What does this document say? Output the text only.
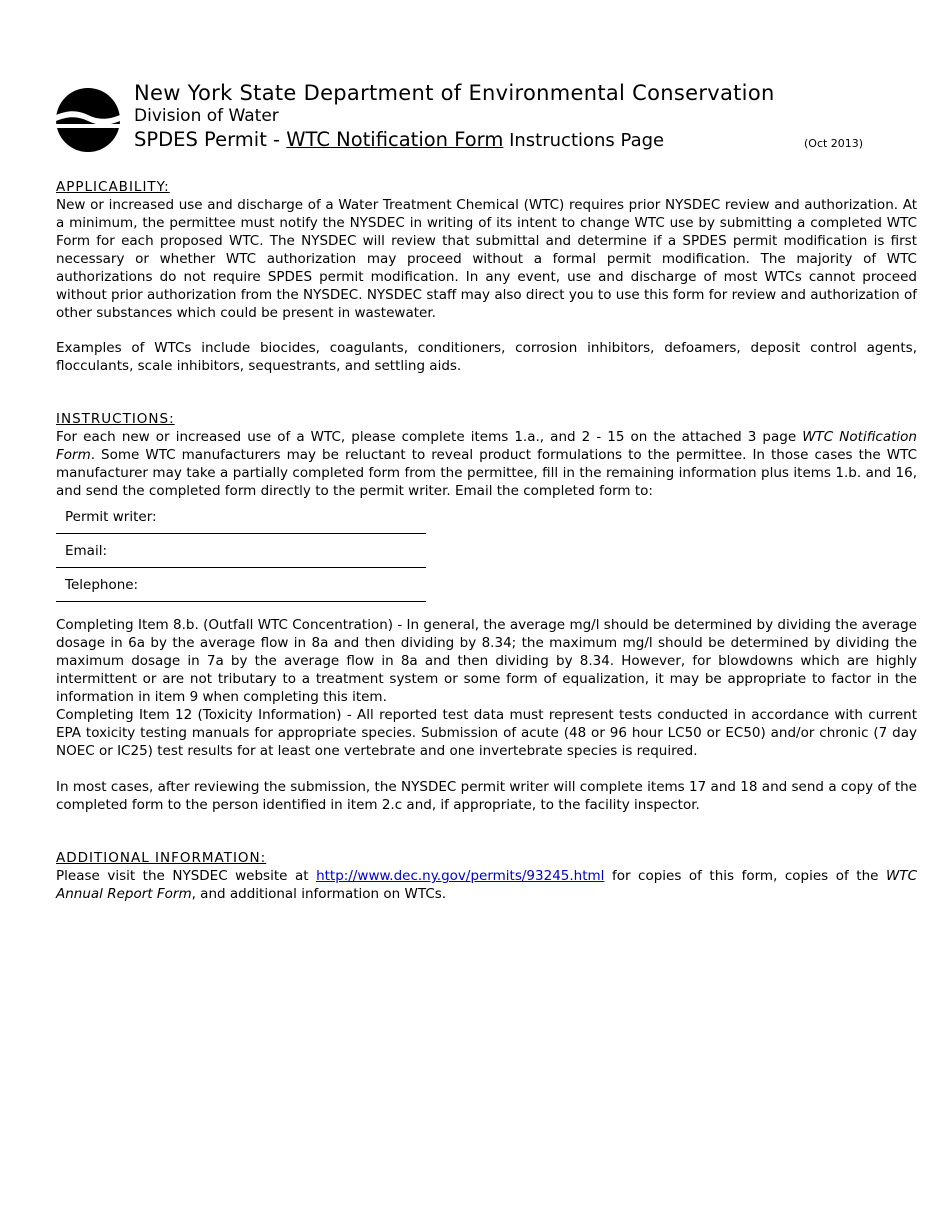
New York State Department of Environmental Conservation
Division of Water
SPDES Permit - WTC Notification Form Instructions Page	(Oct 2013)
APPLICABILITY:

New or increased use and discharge of a Water Treatment Chemical (WTC) requires prior NYSDEC review and authorization. At a minimum, the permittee must notify the NYSDEC in writing of its intent to change WTC use by submitting a completed WTC Form for each proposed WTC. The NYSDEC will review that submittal and determine if a SPDES permit modification is first necessary or whether WTC authorization may proceed without a formal permit modification. The majority of WTC authorizations do not require SPDES permit modification. In any event, use and discharge of most WTCs cannot proceed without prior authorization from the NYSDEC. NYSDEC staff may also direct you to use this form for review and authorization of other substances which could be present in wastewater.

Examples of WTCs include biocides, coagulants, conditioners, corrosion inhibitors, defoamers, deposit control agents, flocculants, scale inhibitors, sequestrants, and settling aids.

INSTRUCTIONS:

For each new or increased use of a WTC, please complete items 1.a., and 2 - 15 on the attached 3 page WTC Notification Form. Some WTC manufacturers may be reluctant to reveal product formulations to the permittee. In those cases the WTC manufacturer may take a partially completed form from the permittee, fill in the remaining information plus items 1.b. and 16, and send the completed form directly to the permit writer. Email the completed form to:

Permit writer:
Email:
Telephone:

Completing Item 8.b. (Outfall WTC Concentration) - In general, the average mg/l should be determined by dividing the average dosage in 6a by the average flow in 8a and then dividing by 8.34; the maximum mg/l should be determined by dividing the maximum dosage in 7a by the average flow in 8a and then dividing by 8.34. However, for blowdowns which are highly intermittent or are not tributary to a treatment system or some form of equalization, it may be appropriate to factor in the information in item 9 when completing this item.

Completing Item 12 (Toxicity Information) - All reported test data must represent tests conducted in accordance with current EPA toxicity testing manuals for appropriate species. Submission of acute (48 or 96 hour LC50 or EC50) and/or chronic (7 day NOEC or IC25) test results for at least one vertebrate and one invertebrate species is required.

In most cases, after reviewing the submission, the NYSDEC permit writer will complete items 17 and 18 and send a copy of the completed form to the person identified in item 2.c and, if appropriate, to the facility inspector.

ADDITIONAL INFORMATION:

Please visit the NYSDEC website at http://www.dec.ny.gov/permits/93245.html for copies of this form, copies of the WTC Annual Report Form, and additional information on WTCs.
